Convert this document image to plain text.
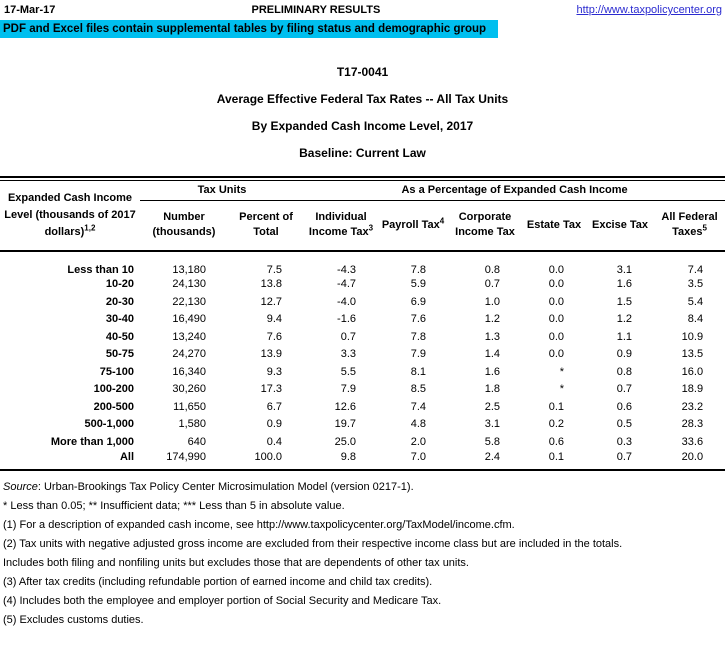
17-Mar-17	PRELIMINARY RESULTS	http://www.taxpolicycenter.org
PDF and Excel files contain supplemental tables by filing status and demographic group
T17-0041
Average Effective Federal Tax Rates -- All Tax Units
By Expanded Cash Income Level, 2017
Baseline: Current Law
Expanded Cash Income Level (thousands of 2017 dollars)$^{1,2}$	Tax Units		As a Percentage of Expanded Cash Income					
	Number (thousands)	Percent of Total	Individual Income Tax$^3$	Payroll Tax$^4$	Corporate Income Tax	Estate Tax	Excise Tax	All Federal Taxes$^5$
Less than 10	13,180	7.5	-4.3	7.8	0.8	0.0	3.1	7.4
10-20	24,130	13.8	-4.7	5.9	0.7	0.0	1.6	3.5
20-30	22,130	12.7	-4.0	6.9	1.0	0.0	1.5	5.4
30-40	16,490	9.4	-1.6	7.6	1.2	0.0	1.2	8.4
40-50	13,240	7.6	0.7	7.8	1.3	0.0	1.1	10.9
50-75	24,270	13.9	3.3	7.9	1.4	0.0	0.9	13.5
75-100	16,340	9.3	5.5	8.1	1.6	*	0.8	16.0
100-200	30,260	17.3	7.9	8.5	1.8	*	0.7	18.9
200-500	11,650	6.7	12.6	7.4	2.5	0.1	0.6	23.2
500-1,000	1,580	0.9	19.7	4.8	3.1	0.2	0.5	28.3
More than 1,000	640	0.4	25.0	2.0	5.8	0.6	0.3	33.6
All	174,990	100.0	9.8	7.0	2.4	0.1	0.7	20.0
Source: Urban-Brookings Tax Policy Center Microsimulation Model (version 0217-1).
* Less than 0.05; ** Insufficient data; *** Less than 5 in absolute value.
(1) For a description of expanded cash income, see http://www.taxpolicycenter.org/TaxModel/income.cfm.
(2) Tax units with negative adjusted gross income are excluded from their respective income class but are included in the totals.
Includes both filing and nonfiling units but excludes those that are dependents of other tax units.
(3) After tax credits (including refundable portion of earned income and child tax credits).
(4) Includes both the employee and employer portion of Social Security and Medicare Tax.
(5) Excludes customs duties.
